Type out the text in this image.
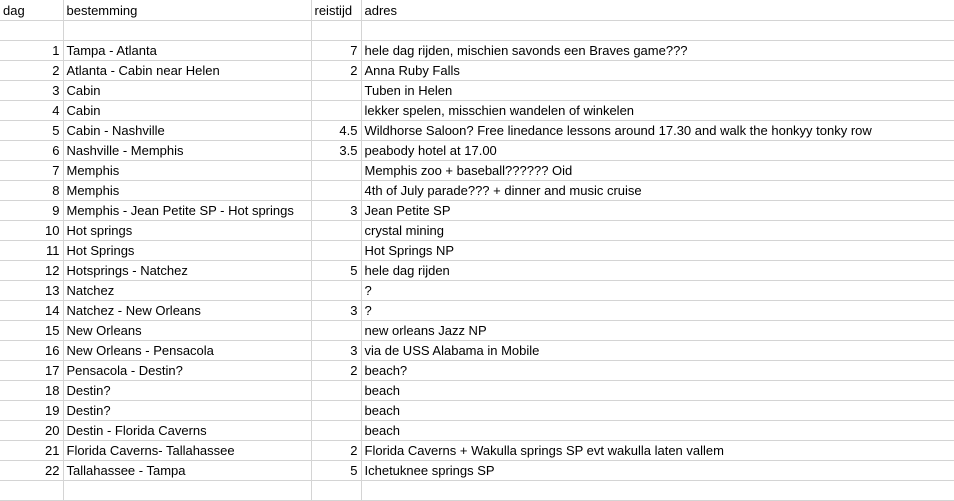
dag	bestemming	reistijd	adres

1	Tampa - Atlanta	7	hele dag rijden, mischien savonds een Braves game???
2	Atlanta - Cabin near Helen	2	Anna Ruby Falls
3	Cabin		Tuben in Helen
4	Cabin		lekker spelen, misschien wandelen of winkelen
5	Cabin - Nashville	4.5	Wildhorse Saloon? Free linedance lessons around 17.30 and walk the honkyy tonky row
6	Nashville - Memphis	3.5	peabody hotel at 17.00
7	Memphis		Memphis zoo + baseball?????? Oid
8	Memphis		4th of July parade??? + dinner and music cruise
9	Memphis - Jean Petite SP - Hot springs	3	Jean Petite SP
10	Hot springs		crystal mining
11	Hot Springs		Hot Springs NP
12	Hotsprings - Natchez	5	hele dag rijden
13	Natchez		?
14	Natchez - New Orleans	3	?
15	New Orleans		new orleans Jazz NP
16	New Orleans - Pensacola	3	via de USS Alabama in Mobile
17	Pensacola - Destin?	2	beach?
18	Destin?		beach
19	Destin?		beach
20	Destin - Florida Caverns		beach
21	Florida Caverns- Tallahassee	2	Florida Caverns + Wakulla springs SP evt wakulla laten vallem
22	Tallahassee - Tampa	5	Ichetuknee springs SP
